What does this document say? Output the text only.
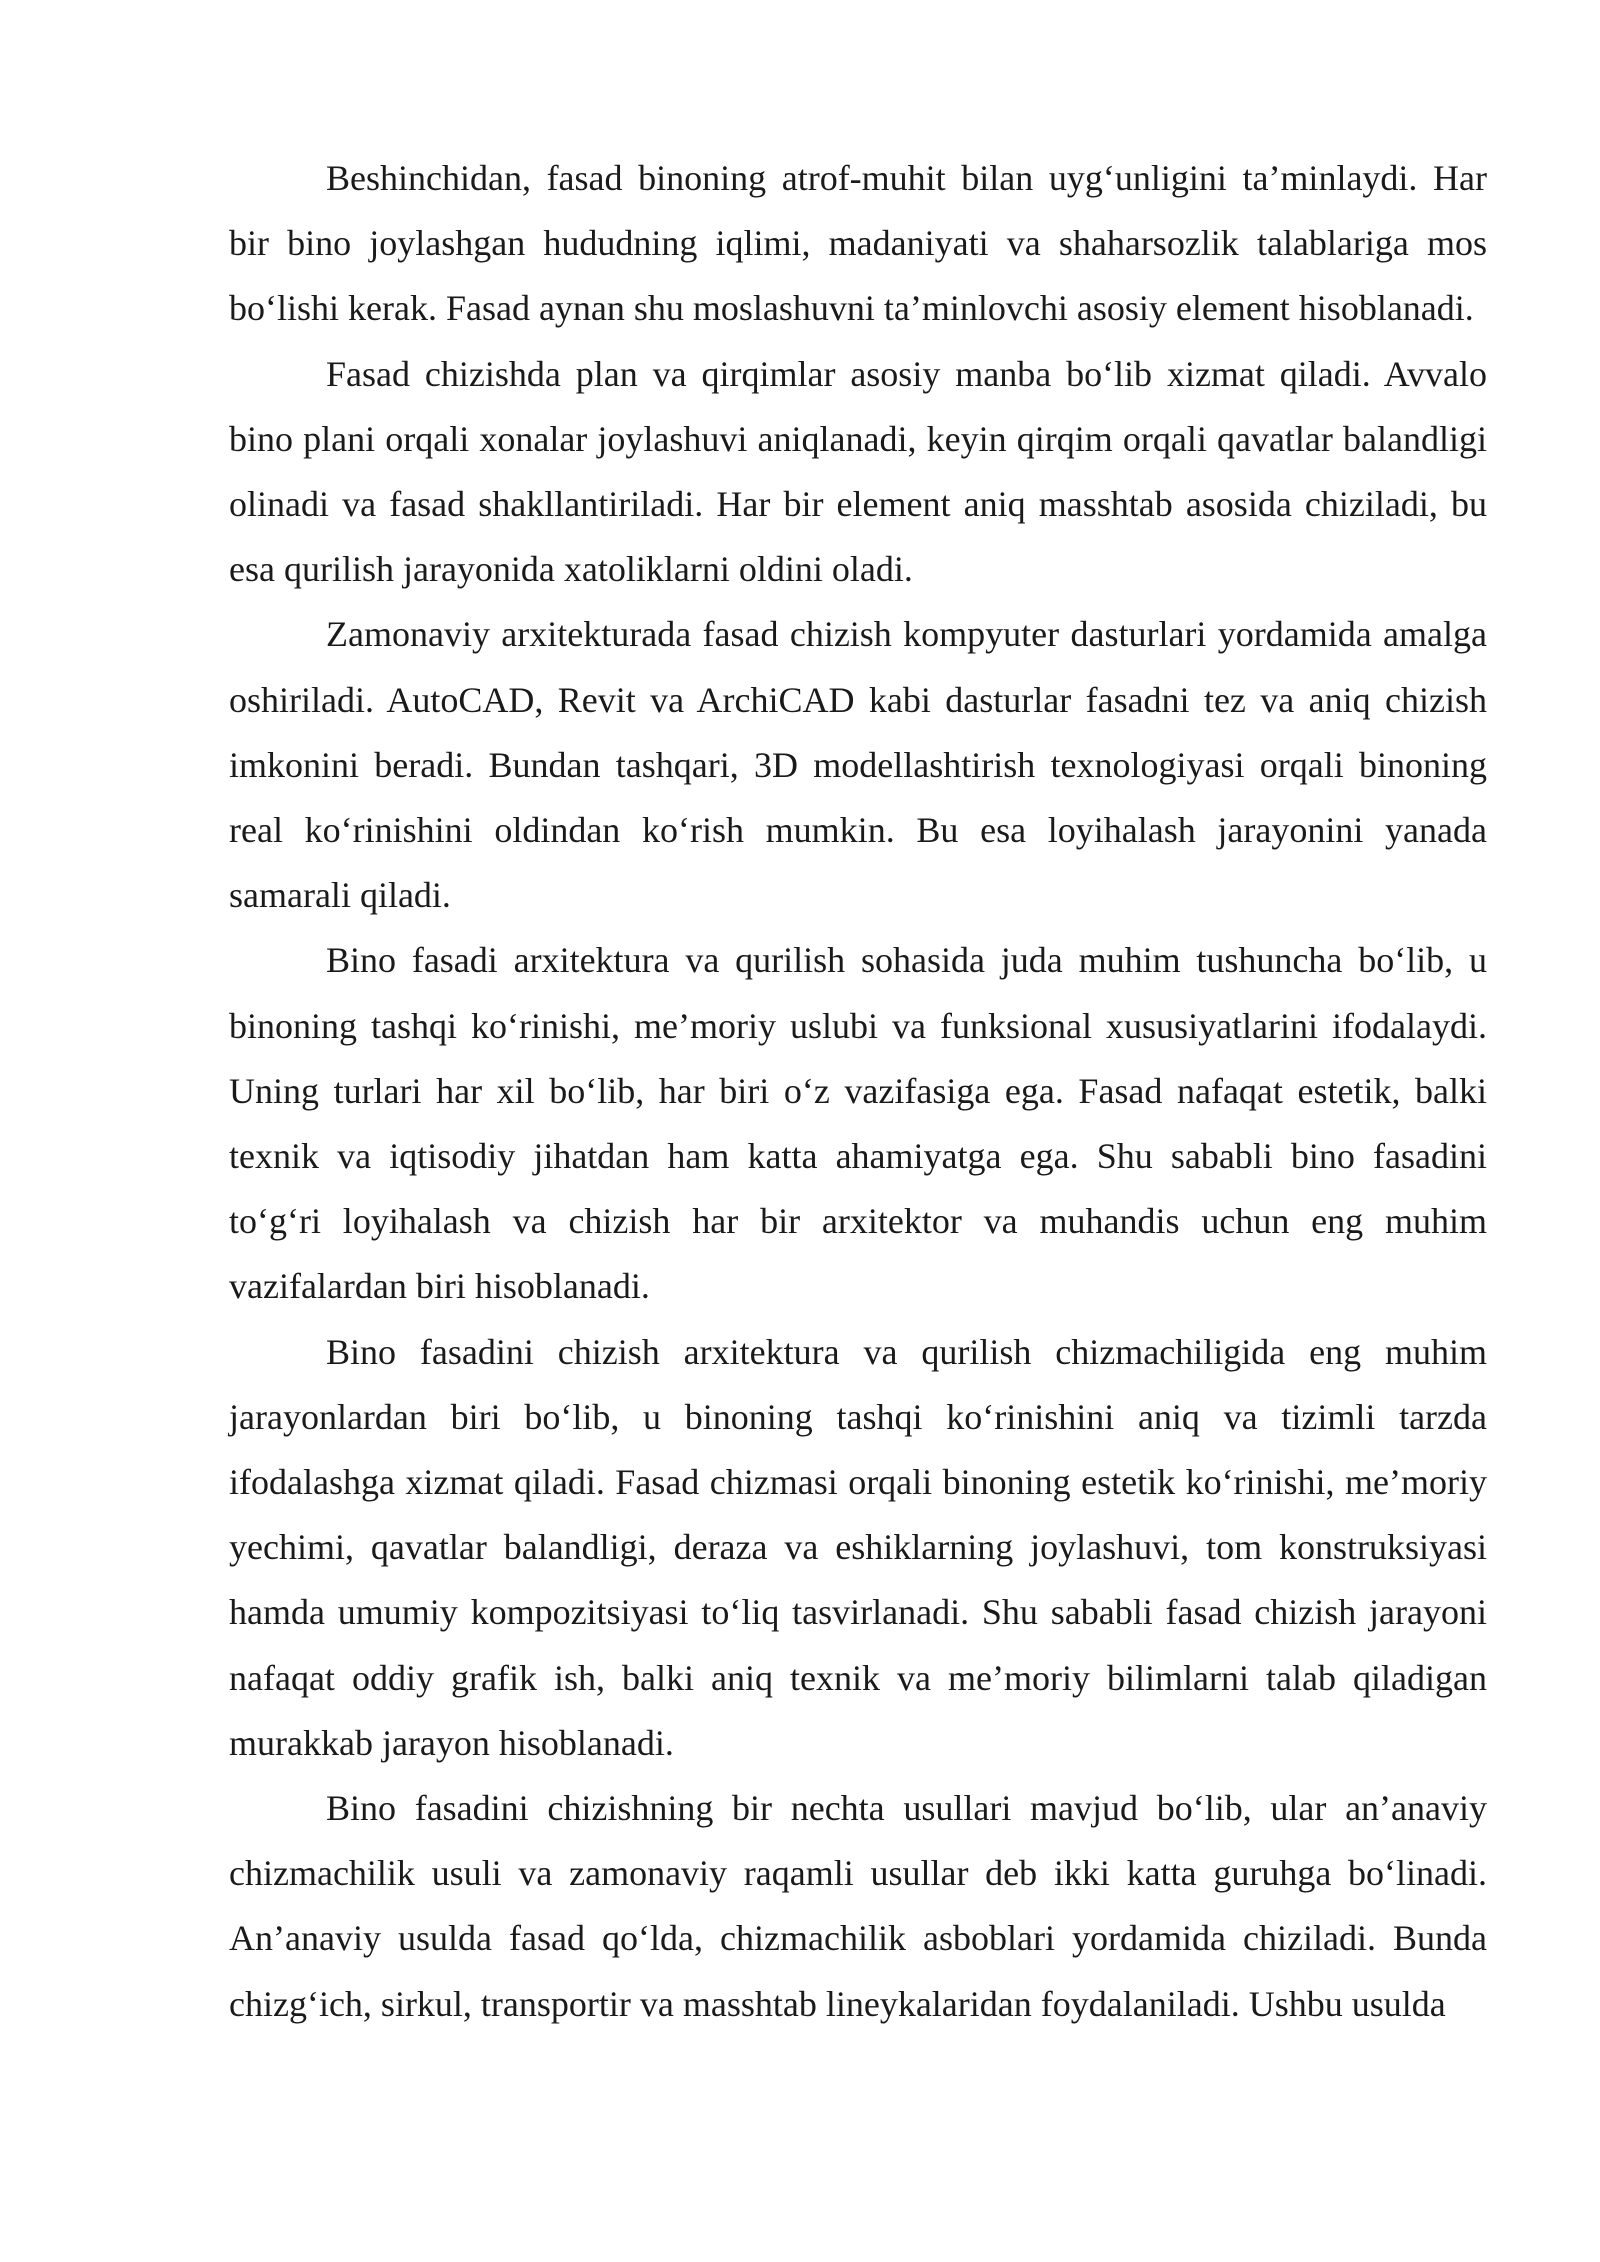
Beshinchidan, fasad binoning atrof-muhit bilan uyg‘unligini ta’minlaydi. Har bir bino joylashgan hududning iqlimi, madaniyati va shaharsozlik talablariga mos bo‘lishi kerak. Fasad aynan shu moslashuvni ta’minlovchi asosiy element hisoblanadi.

Fasad chizishda plan va qirqimlar asosiy manba bo‘lib xizmat qiladi. Avvalo bino plani orqali xonalar joylashuvi aniqlanadi, keyin qirqim orqali qavatlar balandligi olinadi va fasad shakllantiriladi. Har bir element aniq masshtab asosida chiziladi, bu esa qurilish jarayonida xatoliklarni oldini oladi.

Zamonaviy arxitekturada fasad chizish kompyuter dasturlari yordamida amalga oshiriladi. AutoCAD, Revit va ArchiCAD kabi dasturlar fasadni tez va aniq chizish imkonini beradi. Bundan tashqari, 3D modellashtirish texnologiyasi orqali binoning real ko‘rinishini oldindan ko‘rish mumkin. Bu esa loyihalash jarayonini yanada samarali qiladi.

Bino fasadi arxitektura va qurilish sohasida juda muhim tushuncha bo‘lib, u binoning tashqi ko‘rinishi, me’moriy uslubi va funksional xususiyatlarini ifodalaydi. Uning turlari har xil bo‘lib, har biri o‘z vazifasiga ega. Fasad nafaqat estetik, balki texnik va iqtisodiy jihatdan ham katta ahamiyatga ega. Shu sababli bino fasadini to‘g‘ri loyihalash va chizish har bir arxitektor va muhandis uchun eng muhim vazifalardan biri hisoblanadi.

Bino fasadini chizish arxitektura va qurilish chizmachiligida eng muhim jarayonlardan biri bo‘lib, u binoning tashqi ko‘rinishini aniq va tizimli tarzda ifodalashga xizmat qiladi. Fasad chizmasi orqali binoning estetik ko‘rinishi, me’moriy yechimi, qavatlar balandligi, deraza va eshiklarning joylashuvi, tom konstruksiyasi hamda umumiy kompozitsiyasi to‘liq tasvirlanadi. Shu sababli fasad chizish jarayoni nafaqat oddiy grafik ish, balki aniq texnik va me’moriy bilimlarni talab qiladigan murakkab jarayon hisoblanadi.

Bino fasadini chizishning bir nechta usullari mavjud bo‘lib, ular an’anaviy chizmachilik usuli va zamonaviy raqamli usullar deb ikki katta guruhga bo‘linadi. An’anaviy usulda fasad qo‘lda, chizmachilik asboblari yordamida chiziladi. Bunda chizg‘ich, sirkul, transportir va masshtab lineykalaridan foydalaniladi. Ushbu usulda
